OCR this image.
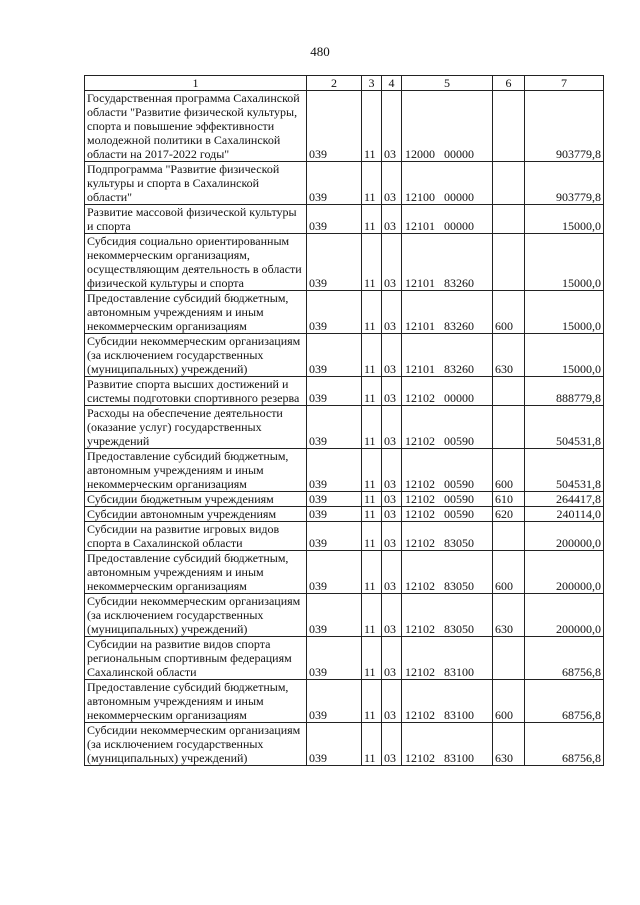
480
1	2	3	4	5	6	7
Государственная программа Сахалинской области "Развитие физической культуры, спорта и повышение эффективности молодежной политики в Сахалинской области на 2017-2022 годы"	039	11	03	12000 00000		903779,8
Подпрограмма "Развитие физической культуры и спорта в Сахалинской области"	039	11	03	12100 00000		903779,8
Развитие массовой физической культуры и спорта	039	11	03	12101 00000		15000,0
Субсидия социально ориентированным некоммерческим организациям, осуществляющим деятельность в области физической культуры и спорта	039	11	03	12101 83260		15000,0
Предоставление субсидий бюджетным, автономным учреждениям и иным некоммерческим организациям	039	11	03	12101 83260	600	15000,0
Субсидии некоммерческим организациям (за исключением государственных (муниципальных) учреждений)	039	11	03	12101 83260	630	15000,0
Развитие спорта высших достижений и системы подготовки спортивного резерва	039	11	03	12102 00000		888779,8
Расходы на обеспечение деятельности (оказание услуг) государственных учреждений	039	11	03	12102 00590		504531,8
Предоставление субсидий бюджетным, автономным учреждениям и иным некоммерческим организациям	039	11	03	12102 00590	600	504531,8
Субсидии бюджетным учреждениям	039	11	03	12102 00590	610	264417,8
Субсидии автономным учреждениям	039	11	03	12102 00590	620	240114,0
Субсидии на развитие игровых видов спорта в Сахалинской области	039	11	03	12102 83050		200000,0
Предоставление субсидий бюджетным, автономным учреждениям и иным некоммерческим организациям	039	11	03	12102 83050	600	200000,0
Субсидии некоммерческим организациям (за исключением государственных (муниципальных) учреждений)	039	11	03	12102 83050	630	200000,0
Субсидии на развитие видов спорта региональным спортивным федерациям Сахалинской области	039	11	03	12102 83100		68756,8
Предоставление субсидий бюджетным, автономным учреждениям и иным некоммерческим организациям	039	11	03	12102 83100	600	68756,8
Субсидии некоммерческим организациям (за исключением государственных (муниципальных) учреждений)	039	11	03	12102 83100	630	68756,8
